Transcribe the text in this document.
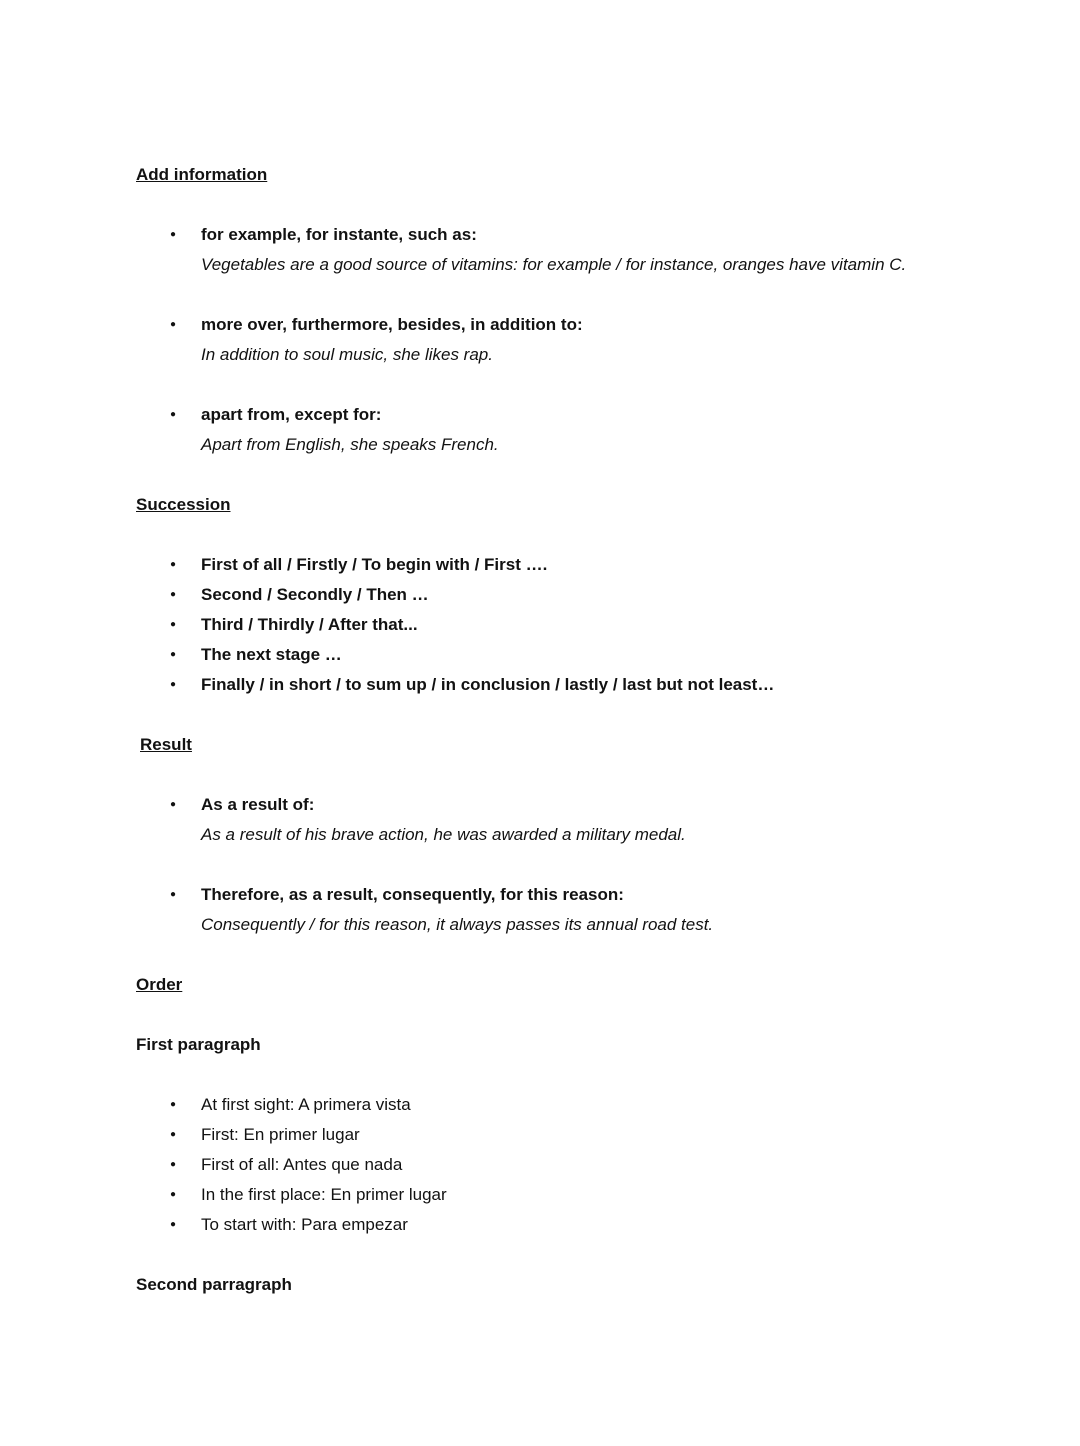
Add information
● for example, for instante, such as:
Vegetables are a good source of vitamins: for example / for instance, oranges have vitamin C.
● more over, furthermore, besides, in addition to:
In addition to soul music, she likes rap.
● apart from, except for:
Apart from English, she speaks French.
Succession
● First of all / Firstly / To begin with / First ….
● Second / Secondly / Then …
● Third / Thirdly / After that...
● The next stage …
● Finally / in short / to sum up / in conclusion / lastly / last but not least…
Result
● As a result of:
As a result of his brave action, he was awarded a military medal.
● Therefore, as a result, consequently, for this reason:
Consequently / for this reason, it always passes its annual road test.
Order
First paragraph
● At first sight: A primera vista
● First: En primer lugar
● First of all: Antes que nada
● In the first place: En primer lugar
● To start with: Para empezar
Second parragraph
